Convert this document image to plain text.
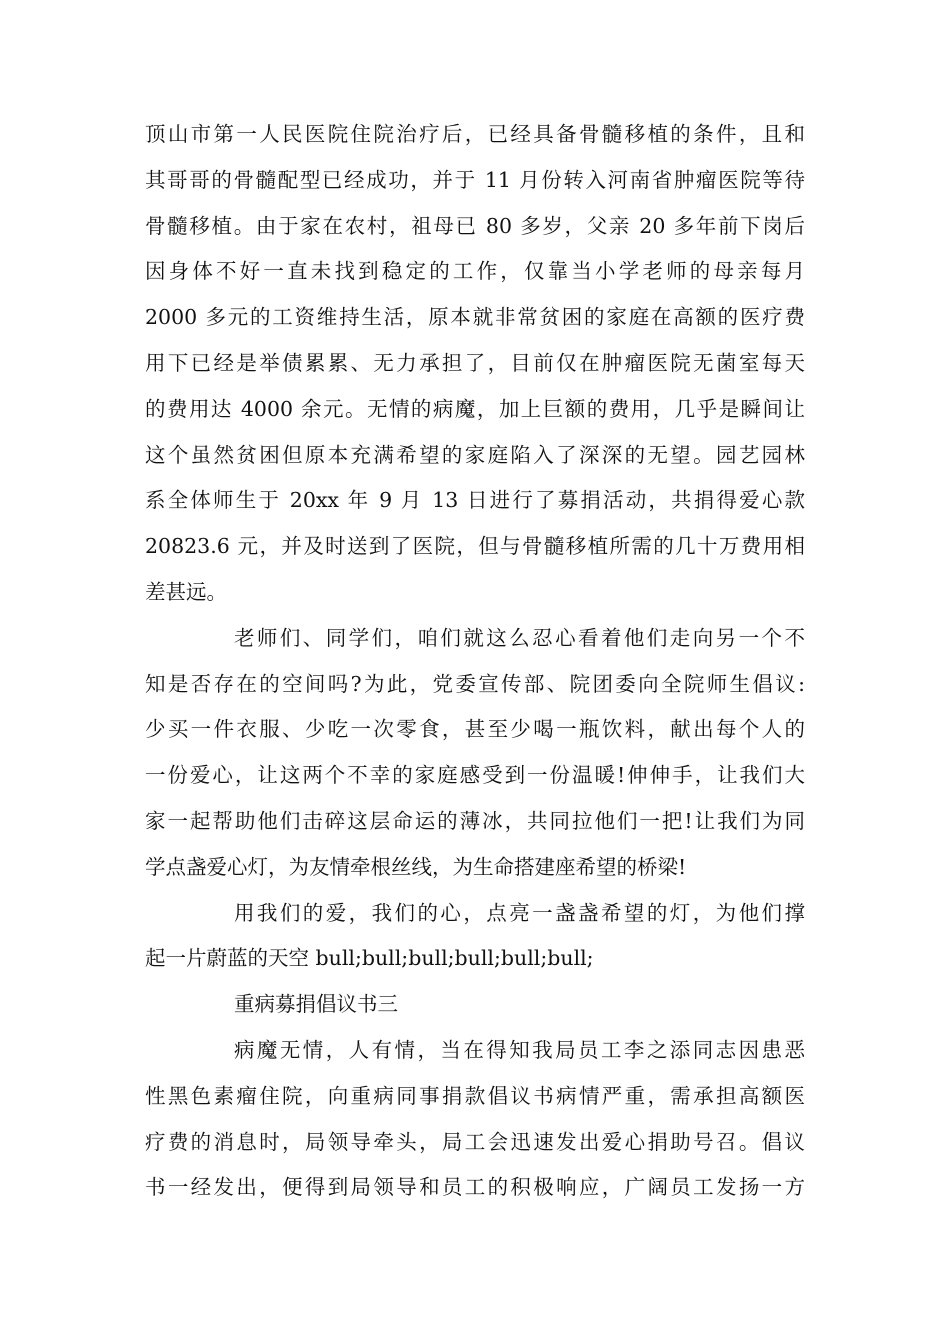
顶山市第一人民医院住院治疗后，已经具备骨髓移植的条件，且和
其哥哥的骨髓配型已经成功，并于 11 月份转入河南省肿瘤医院等待
骨髓移植。由于家在农村，祖母已 80 多岁，父亲 20 多年前下岗后
因身体不好一直未找到稳定的工作，仅靠当小学老师的母亲每月
2000 多元的工资维持生活，原本就非常贫困的家庭在高额的医疗费
用下已经是举债累累、无力承担了，目前仅在肿瘤医院无菌室每天
的费用达 4000 余元。无情的病魔，加上巨额的费用，几乎是瞬间让
这个虽然贫困但原本充满希望的家庭陷入了深深的无望。园艺园林
系全体师生于 20xx 年 9 月 13 日进行了募捐活动，共捐得爱心款
20823.6 元，并及时送到了医院，但与骨髓移植所需的几十万费用相
差甚远。
老师们、同学们，咱们就这么忍心看着他们走向另一个不
知是否存在的空间吗?为此，党委宣传部、院团委向全院师生倡议:
少买一件衣服、少吃一次零食，甚至少喝一瓶饮料，献出每个人的
一份爱心，让这两个不幸的家庭感受到一份温暖!伸伸手，让我们大
家一起帮助他们击碎这层命运的薄冰，共同拉他们一把!让我们为同
学点盏爱心灯，为友情牵根丝线，为生命搭建座希望的桥梁!
用我们的爱，我们的心，点亮一盏盏希望的灯，为他们撑
起一片蔚蓝的天空 bull;bull;bull;bull;bull;bull;
重病募捐倡议书三
病魔无情，人有情，当在得知我局员工李之添同志因患恶
性黑色素瘤住院，向重病同事捐款倡议书病情严重，需承担高额医
疗费的消息时，局领导牵头，局工会迅速发出爱心捐助号召。倡议
书一经发出，便得到局领导和员工的积极响应，广阔员工发扬一方
